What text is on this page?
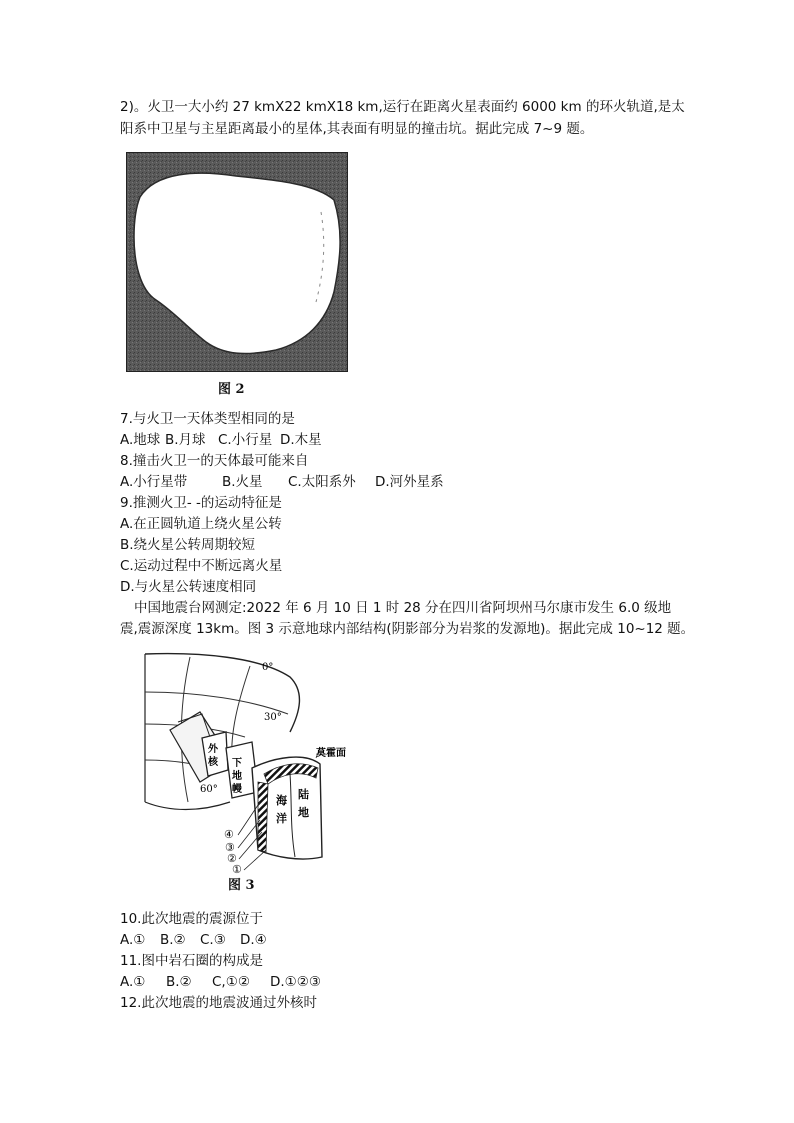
2)。火卫一大小约 27 kmX22 kmX18 km,运行在距离火星表面约 6000 km 的环火轨道,是太
阳系中卫星与主星距离最小的星体,其表面有明显的撞击坑。据此完成 7~9 题。
图 2
7.与火卫一天体类型相同的是
A.地球 B.月球 C.小行星 D.木星
8.撞击火卫一的天体最可能来自
A.小行星带	B.火星 C.太阳系外 D.河外星系
9.推测火卫- -的运动特征是
A.在正圆轨道上绕火星公转
B.绕火星公转周期较短
C.运动过程中不断远离火星
D.与火星公转速度相同
中国地震台网测定:2022 年 6 月 10 日 1 时 28 分在四川省阿坝州马尔康市发生 6.0 级地
震,震源深度 13km。图 3 示意地球内部结构(阴影部分为岩浆的发源地)。据此完成 10~12 题。
0°
30°
60°
莫霍面
外
核 下
地
幔
海
洋
陆
地
④
③
②
①
图 3
10.此次地震的震源位于
A.① B.② C.③ D.④
11.图中岩石圈的构成是
A.① B.② C,①② D.①②③
12.此次地震的地震波通过外核时
